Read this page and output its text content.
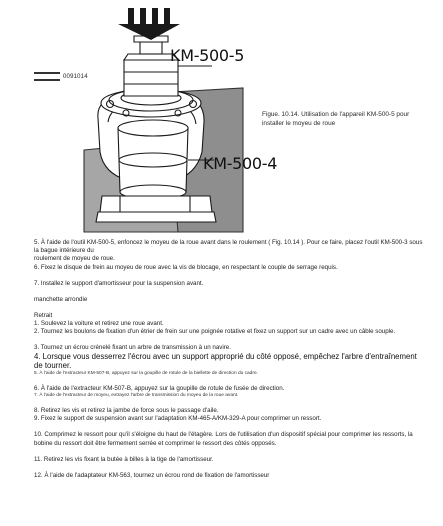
0091014
KM-500-5
KM-500-4
Figue. 10.14. Utilisation de l'appareil KM-500-5 pour installer le moyeu de roue

5. À l'aide de l'outil KM-500-5, enfoncez le moyeu de la roue avant dans le roulement ( Fig. 10.14 ). Pour ce faire, placez l'outil KM-500-3 sous la bague intérieure du

roulement de moyeu de roue.

6. Fixez le disque de frein au moyeu de roue avec la vis de blocage, en respectant le couple de serrage requis.

7. Installez le support d'amortisseur pour la suspension avant.

manchette arrondie

Retrait

1. Soulevez la voiture et retirez une roue avant.

2. Tournez les boulons de fixation d'un étrier de frein sur une poignée rotative et fixez un support sur un cadre avec un câble souple.

3. Tournez un écrou crénelé fixant un arbre de transmission à un navire.

4. Lorsque vous desserrez l'écrou avec un support approprié du côté opposé, empêchez l'arbre d'entraînement de tourner.

5. À l'aide de l'extracteur KM-507-B, appuyez sur la goupille de rotule de la biellette de direction du cadre.

6. À l'aide de l'extracteur KM-507-B, appuyez sur la goupille de rotule de fusée de direction.

7. À l'aide de l'extracteur de moyeu, extrayez l'arbre de transmission du moyeu de la roue avant.

8. Retirez les vis et retirez la jambe de force sous le passage d'aile.

9. Fixez le support de suspension avant sur l'adaptation KM-465-A/KM-329-A pour comprimer un ressort.

10. Comprimez le ressort pour qu'il s'éloigne du haut de l'étagère. Lors de l'utilisation d'un dispositif spécial pour comprimer les ressorts, la bobine du ressort doit être fermement serrée et comprimer le ressort des côtés opposés.

11. Retirez les vis fixant la butée à billes à la tige de l'amortisseur.

12. À l'aide de l'adaptateur KM-563, tournez un écrou rond de fixation de l'amortisseur
